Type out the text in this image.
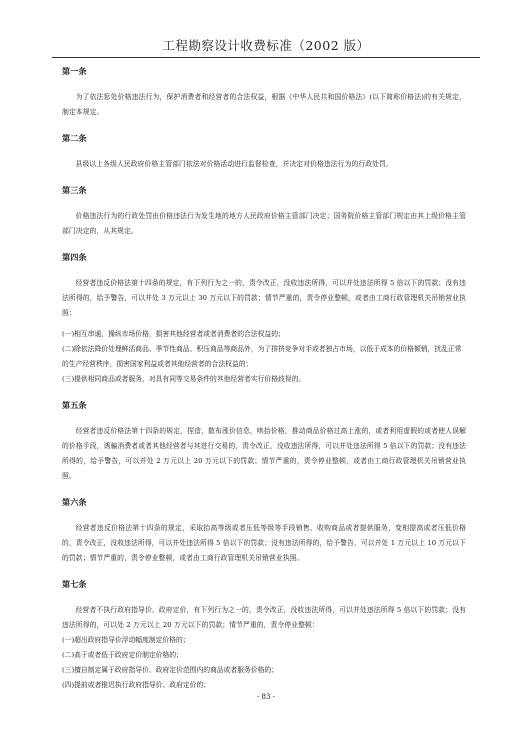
工程勘察设计收费标准（2002 版）
第一条

为了依法惩处价格违法行为，保护消费者和经营者的合法权益，根据《中华人民共和国价格法》(以下简称价格法)的有关规定，制定本规定。

第二条

县级以上各级人民政府价格主管部门依法对价格活动进行监督检查，并决定对价格违法行为的行政处罚。

第三条

价格违法行为的行政处罚由价格违法行为发生地的地方人民政府价格主管部门决定；国务院价格主管部门规定由其上级价格主管部门决定的，从其规定。

第四条

经营者违反价格法第十四条的规定，有下列行为之一的，责令改正，没收违法所得，可以并处违法所得 5 倍以下的罚款；没有违法所得的，给予警告，可以并处 3 万元以上 30 万元以下的罚款；情节严重的，责令停业整顿，或者由工商行政管理机关吊销营业执照：

(一)相互串通，操纵市场价格，损害其他经营者或者消费者的合法权益的；

(二)除依法降价处理鲜活商品、季节性商品、积压商品等商品外，为了排挤竞争对手或者独占市场，以低于成本的价格倾销，扰乱正常的生产经营秩序，损害国家利益或者其他经营者的合法权益的；

(三)提供相同商品或者服务，对具有同等交易条件的其他经营者实行价格歧视的。

第五条

经营者违反价格法第十四条的规定，捏造、散布涨价信息，哄抬价格，推动商品价格过高上涨的，或者利用虚假的或者使人误解的价格手段，诱骗消费者或者其他经营者与其进行交易的，责令改正，没收违法所得，可以并处违法所得 5 倍以下的罚款；没有违法所得的，给予警告，可以并处 2 万元以上 20 万元以下的罚款；情节严重的，责令停业整顿，或者由工商行政管理机关吊销营业执照。

第六条

经营者违反价格法第十四条的规定，采取抬高等级或者压低等级等手段销售、收购商品或者提供服务，变相提高或者压低价格的，责令改正，没收违法所得，可以并处违法所得 5 倍以下的罚款；没有违法所得的，给予警告，可以并处 1 万元以上 10 万元以下的罚款；情节严重的，责令停业整顿，或者由工商行政管理机关吊销营业执照。

第七条

经营者不执行政府指导价、政府定价，有下列行为之一的，责令改正，没收违法所得，可以并处违法所得 5 倍以下的罚款；没有违法所得的，可以处 2 万元以上 20 万元以下的罚款；情节严重的，责令停业整顿：

(一)超出政府指导价浮动幅度制定价格的；

(二)高于或者低于政府定价制定价格的；

(三)擅自制定属于政府指导价、政府定价范围内的商品或者服务价格的；

(四)提前或者推迟执行政府指导价、政府定价的；

- 83 -
